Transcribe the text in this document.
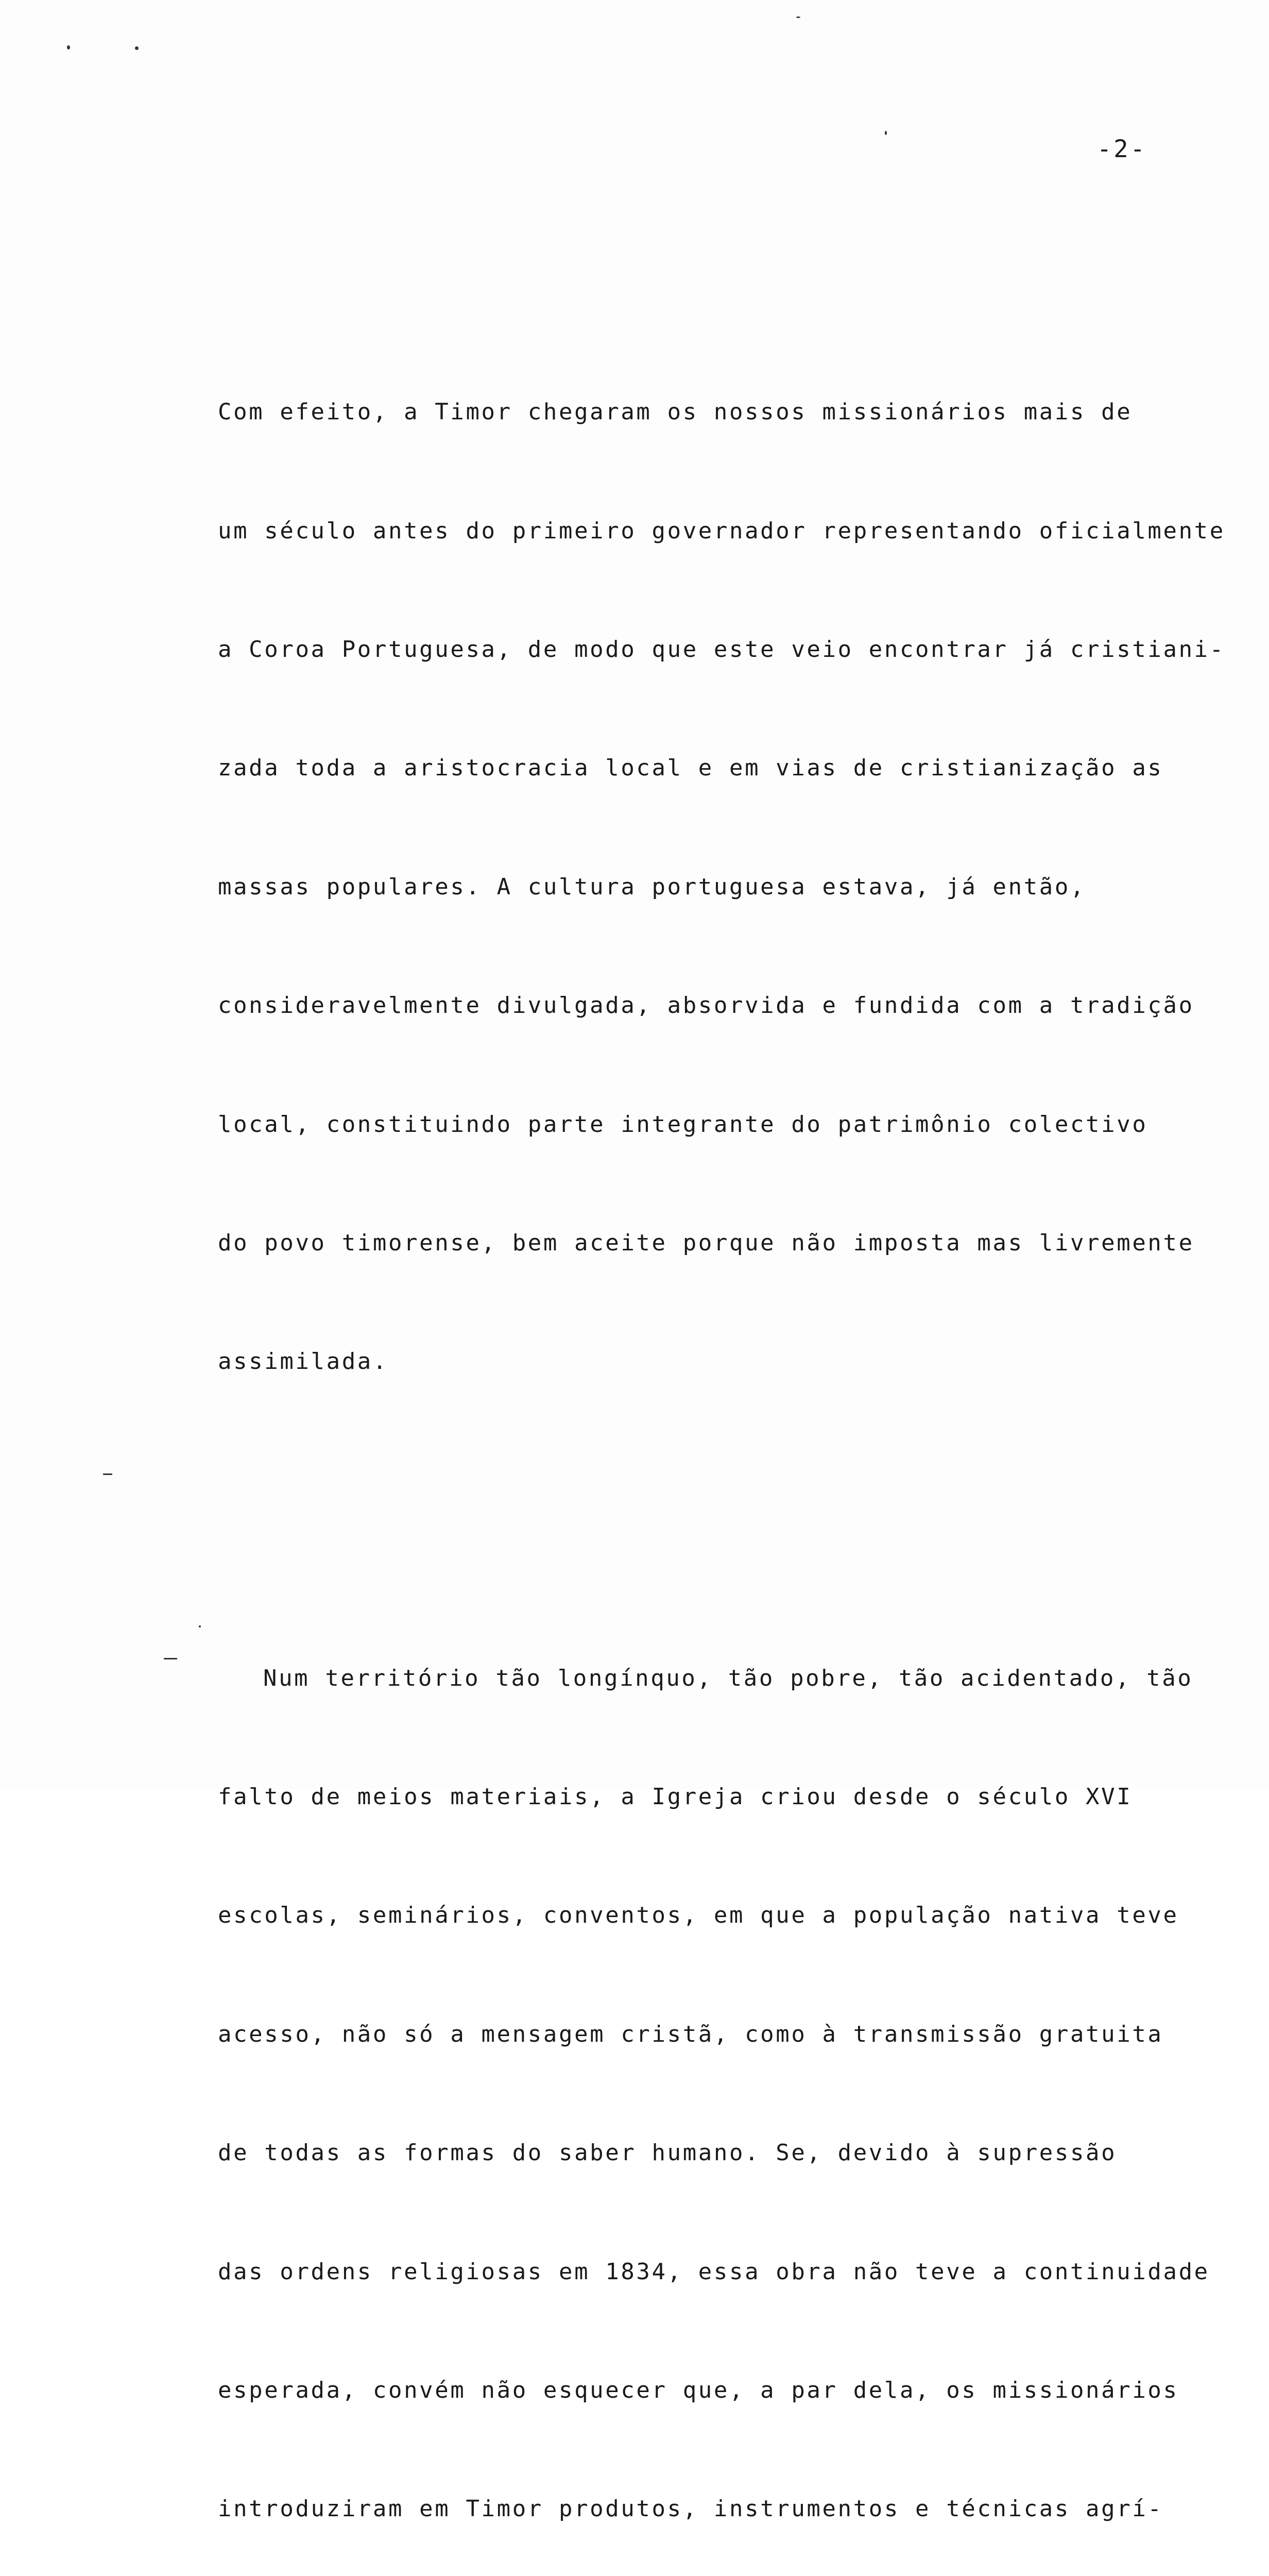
-2-

Com efeito, a Timor chegaram os nossos missionários mais de

um século antes do primeiro governador representando oficialmente

a Coroa Portuguesa, de modo que este veio encontrar já cristiani-

zada toda a aristocracia local e em vias de cristianização as

massas populares. A cultura portuguesa estava, já então,

consideravelmente divulgada, absorvida e fundida com a tradição

local, constituindo parte integrante do patrimônio colectivo

do povo timorense, bem aceite porque não imposta mas livremente

assimilada.

Num território tão longínquo, tão pobre, tão acidentado, tão

falto de meios materiais, a Igreja criou desde o século XVI

escolas, seminários, conventos, em que a população nativa teve

acesso, não só a mensagem cristã, como à transmissão gratuita

de todas as formas do saber humano. Se, devido à supressão

das ordens religiosas em 1834, essa obra não teve a continuidade

esperada, convém não esquecer que, a par dela, os missionários

introduziram em Timor produtos, instrumentos e técnicas agrí-
